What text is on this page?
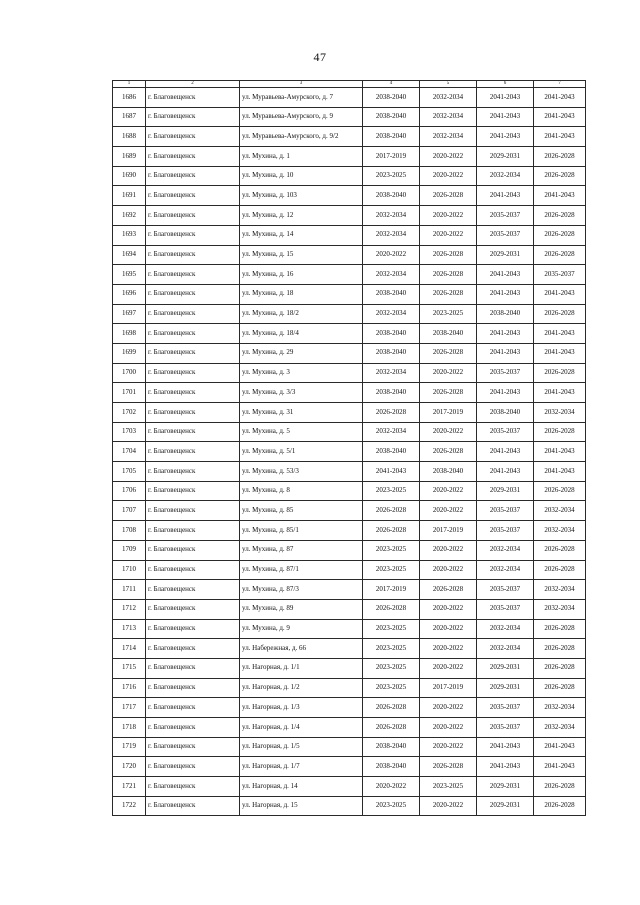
47
1	2	3	4	5	6	7
1686	г. Благовещенск	ул. Муравьева-Амурского, д. 7	2038-2040	2032-2034	2041-2043	2041-2043
1687	г. Благовещенск	ул. Муравьева-Амурского, д. 9	2038-2040	2032-2034	2041-2043	2041-2043
1688	г. Благовещенск	ул. Муравьева-Амурского, д. 9/2	2038-2040	2032-2034	2041-2043	2041-2043
1689	г. Благовещенск	ул. Мухина, д. 1	2017-2019	2020-2022	2029-2031	2026-2028
1690	г. Благовещенск	ул. Мухина, д. 10	2023-2025	2020-2022	2032-2034	2026-2028
1691	г. Благовещенск	ул. Мухина, д. 103	2038-2040	2026-2028	2041-2043	2041-2043
1692	г. Благовещенск	ул. Мухина, д. 12	2032-2034	2020-2022	2035-2037	2026-2028
1693	г. Благовещенск	ул. Мухина, д. 14	2032-2034	2020-2022	2035-2037	2026-2028
1694	г. Благовещенск	ул. Мухина, д. 15	2020-2022	2026-2028	2029-2031	2026-2028
1695	г. Благовещенск	ул. Мухина, д. 16	2032-2034	2026-2028	2041-2043	2035-2037
1696	г. Благовещенск	ул. Мухина, д. 18	2038-2040	2026-2028	2041-2043	2041-2043
1697	г. Благовещенск	ул. Мухина, д. 18/2	2032-2034	2023-2025	2038-2040	2026-2028
1698	г. Благовещенск	ул. Мухина, д. 18/4	2038-2040	2038-2040	2041-2043	2041-2043
1699	г. Благовещенск	ул. Мухина, д. 29	2038-2040	2026-2028	2041-2043	2041-2043
1700	г. Благовещенск	ул. Мухина, д. 3	2032-2034	2020-2022	2035-2037	2026-2028
1701	г. Благовещенск	ул. Мухина, д. 3/3	2038-2040	2026-2028	2041-2043	2041-2043
1702	г. Благовещенск	ул. Мухина, д. 31	2026-2028	2017-2019	2038-2040	2032-2034
1703	г. Благовещенск	ул. Мухина, д. 5	2032-2034	2020-2022	2035-2037	2026-2028
1704	г. Благовещенск	ул. Мухина, д. 5/1	2038-2040	2026-2028	2041-2043	2041-2043
1705	г. Благовещенск	ул. Мухина, д. 53/3	2041-2043	2038-2040	2041-2043	2041-2043
1706	г. Благовещенск	ул. Мухина, д. 8	2023-2025	2020-2022	2029-2031	2026-2028
1707	г. Благовещенск	ул. Мухина, д. 85	2026-2028	2020-2022	2035-2037	2032-2034
1708	г. Благовещенск	ул. Мухина, д. 85/1	2026-2028	2017-2019	2035-2037	2032-2034
1709	г. Благовещенск	ул. Мухина, д. 87	2023-2025	2020-2022	2032-2034	2026-2028
1710	г. Благовещенск	ул. Мухина, д. 87/1	2023-2025	2020-2022	2032-2034	2026-2028
1711	г. Благовещенск	ул. Мухина, д. 87/3	2017-2019	2026-2028	2035-2037	2032-2034
1712	г. Благовещенск	ул. Мухина, д. 89	2026-2028	2020-2022	2035-2037	2032-2034
1713	г. Благовещенск	ул. Мухина, д. 9	2023-2025	2020-2022	2032-2034	2026-2028
1714	г. Благовещенск	ул. Набережная, д. 66	2023-2025	2020-2022	2032-2034	2026-2028
1715	г. Благовещенск	ул. Нагорная, д. 1/1	2023-2025	2020-2022	2029-2031	2026-2028
1716	г. Благовещенск	ул. Нагорная, д. 1/2	2023-2025	2017-2019	2029-2031	2026-2028
1717	г. Благовещенск	ул. Нагорная, д. 1/3	2026-2028	2020-2022	2035-2037	2032-2034
1718	г. Благовещенск	ул. Нагорная, д. 1/4	2026-2028	2020-2022	2035-2037	2032-2034
1719	г. Благовещенск	ул. Нагорная, д. 1/5	2038-2040	2020-2022	2041-2043	2041-2043
1720	г. Благовещенск	ул. Нагорная, д. 1/7	2038-2040	2026-2028	2041-2043	2041-2043
1721	г. Благовещенск	ул. Нагорная, д. 14	2020-2022	2023-2025	2029-2031	2026-2028
1722	г. Благовещенск	ул. Нагорная, д. 15	2023-2025	2020-2022	2029-2031	2026-2028
